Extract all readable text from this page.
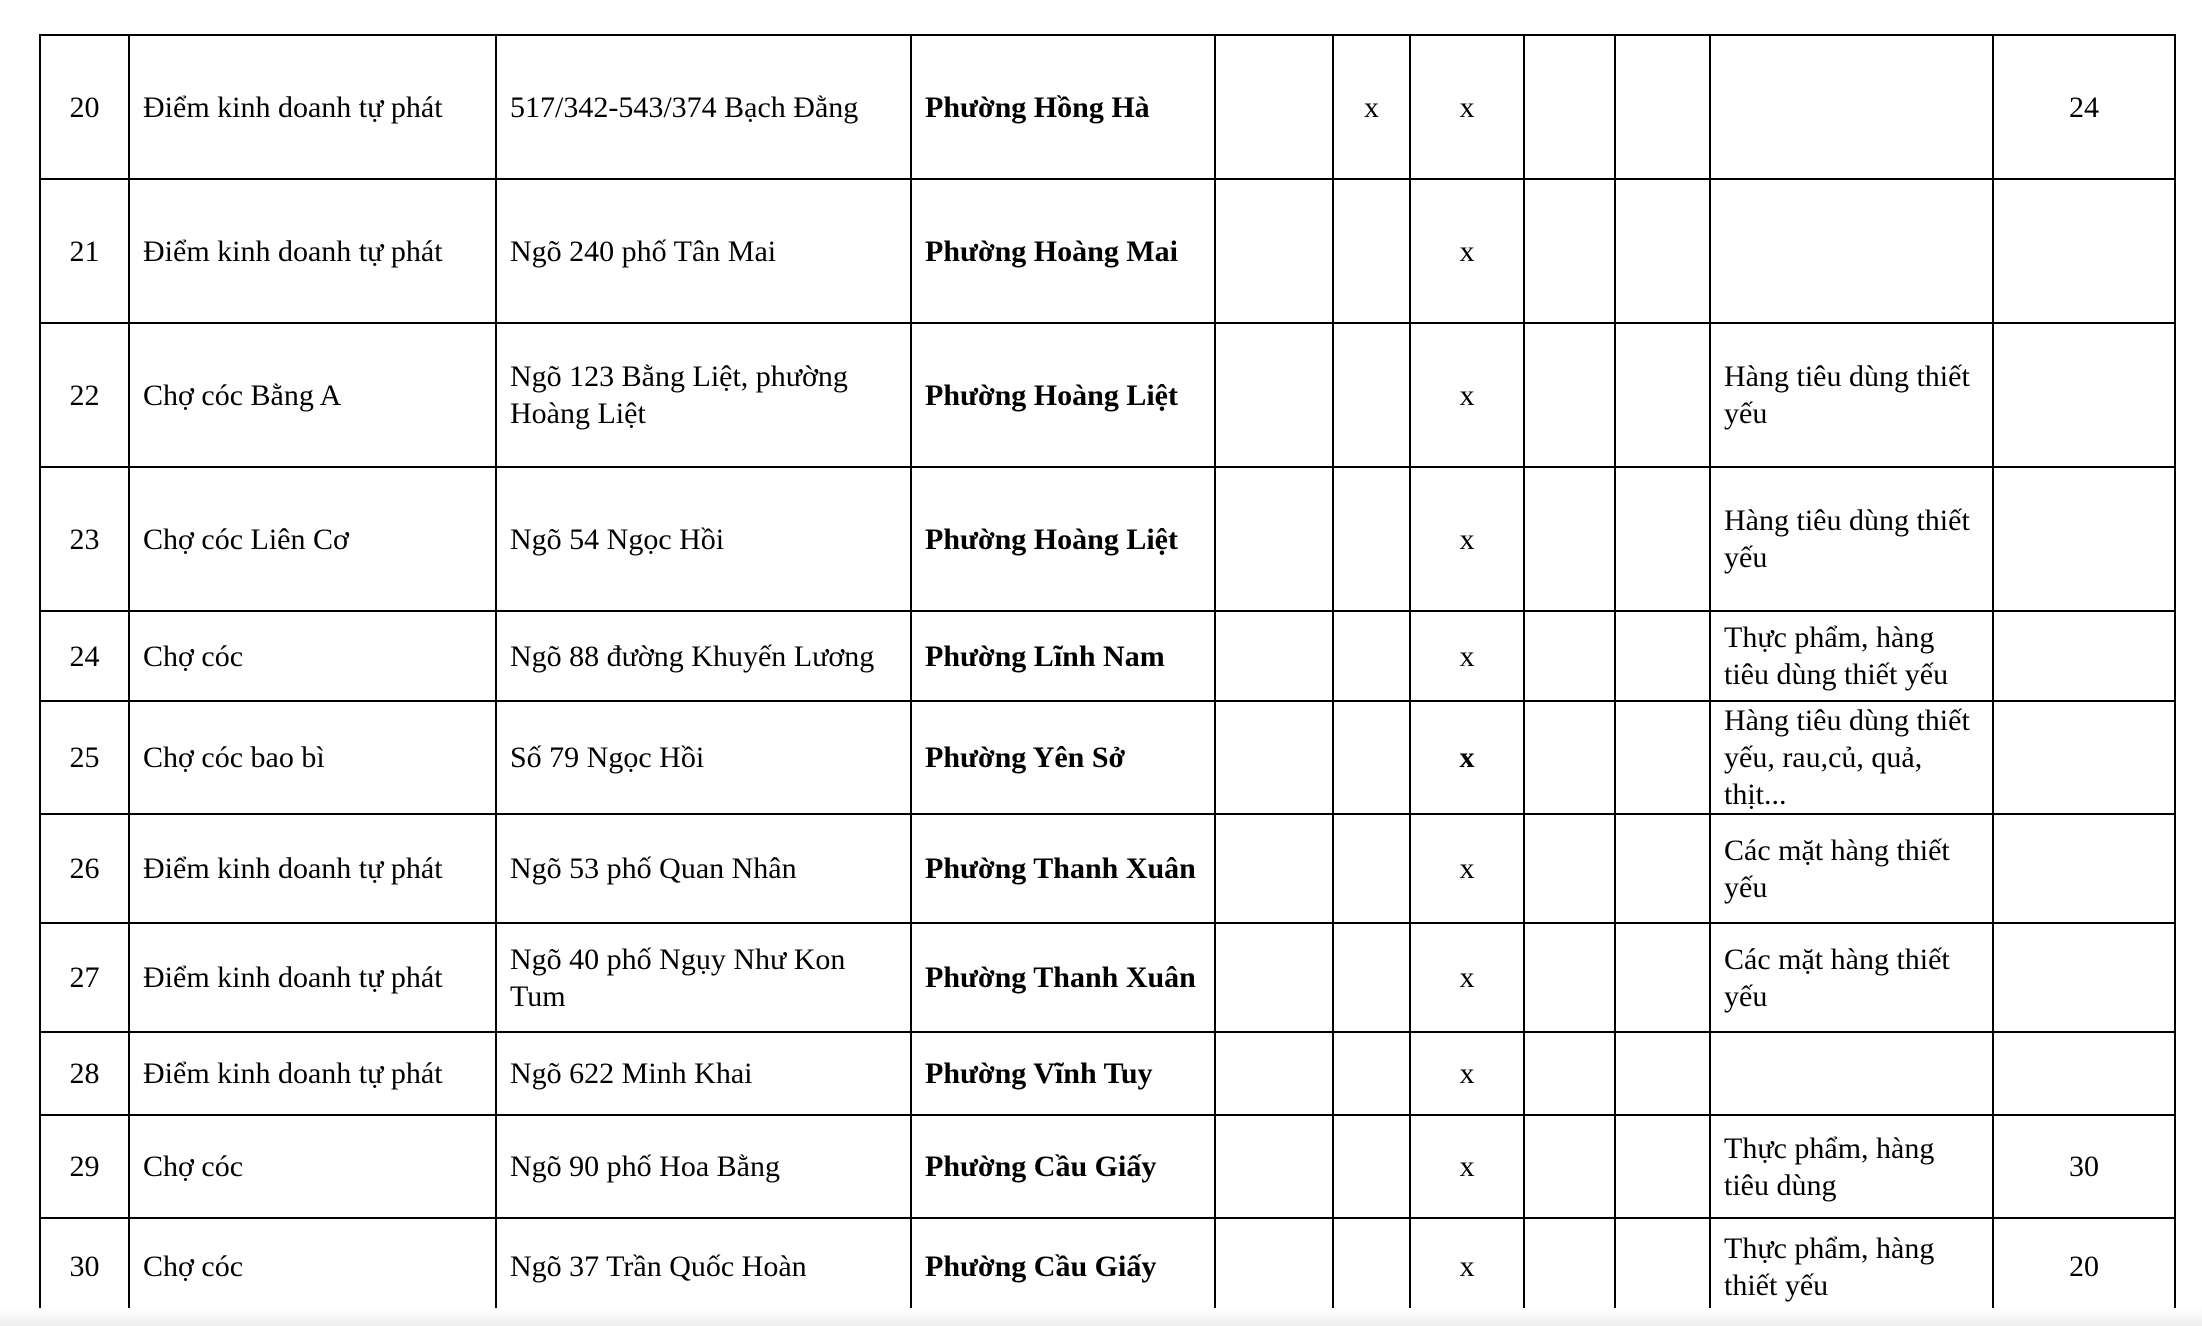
20	Điểm kinh doanh tự phát	517/342-543/374 Bạch Đằng	Phường Hồng Hà		x	x				24
21	Điểm kinh doanh tự phát	Ngõ 240 phố Tân Mai	Phường Hoàng Mai			x				
22	Chợ cóc Bằng A	Ngõ 123 Bằng Liệt, phường Hoàng Liệt	Phường Hoàng Liệt			x			Hàng tiêu dùng thiết yếu	
23	Chợ cóc Liên Cơ	Ngõ 54 Ngọc Hồi	Phường Hoàng Liệt			x			Hàng tiêu dùng thiết yếu	
24	Chợ cóc	Ngõ 88 đường Khuyến Lương	Phường Lĩnh Nam			x			Thực phẩm, hàng tiêu dùng thiết yếu	
25	Chợ cóc bao bì	Số 79 Ngọc Hồi	Phường Yên Sở			x			Hàng tiêu dùng thiết yếu, rau,củ, quả, thịt...	
26	Điểm kinh doanh tự phát	Ngõ 53 phố Quan Nhân	Phường Thanh Xuân			x			Các mặt hàng thiết yếu	
27	Điểm kinh doanh tự phát	Ngõ 40 phố Ngụy Như Kon Tum	Phường Thanh Xuân			x			Các mặt hàng thiết yếu	
28	Điểm kinh doanh tự phát	Ngõ 622 Minh Khai	Phường Vĩnh Tuy			x				
29	Chợ cóc	Ngõ 90 phố Hoa Bằng	Phường Cầu Giấy			x			Thực phẩm, hàng tiêu dùng	30
30	Chợ cóc	Ngõ 37 Trần Quốc Hoàn	Phường Cầu Giấy			x			Thực phẩm, hàng thiết yếu	20
